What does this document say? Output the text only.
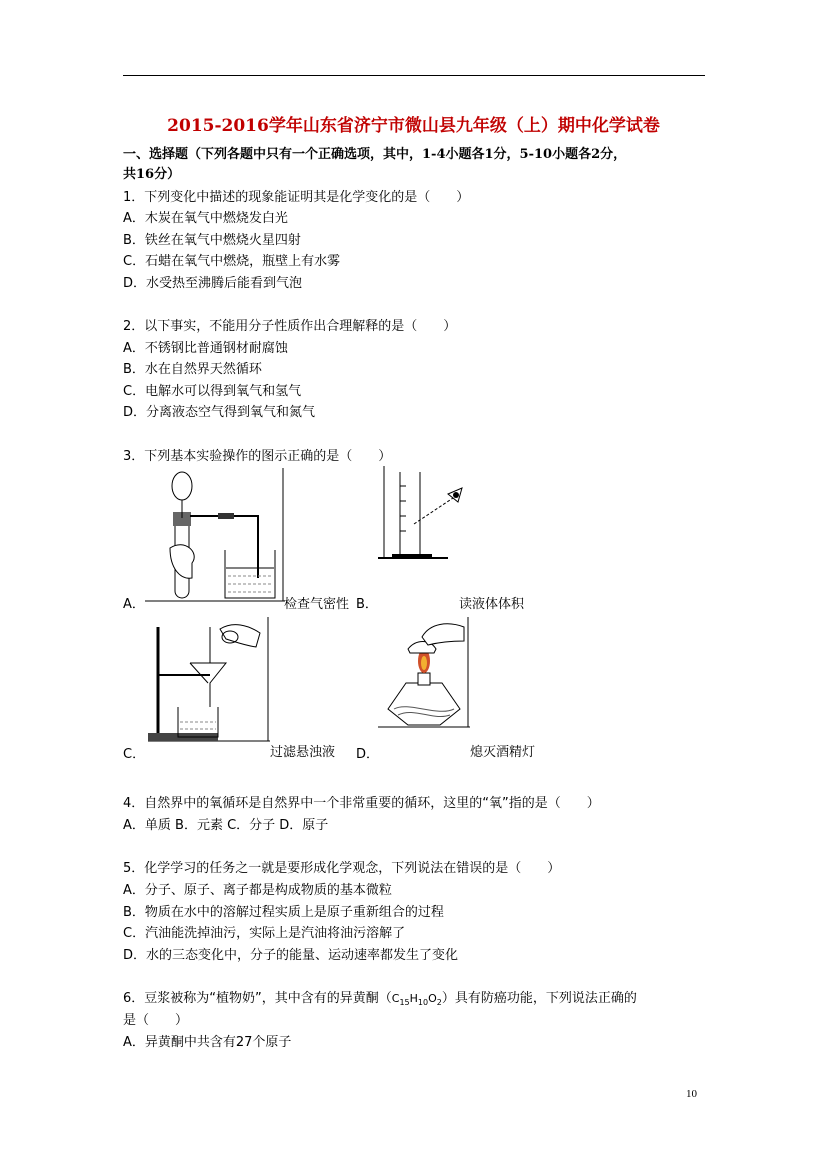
2015-2016学年山东省济宁市微山县九年级（上）期中化学试卷
一、选择题（下列各题中只有一个正确选项，其中，1-4小题各1分，5-10小题各2分，
共16分）
1．下列变化中描述的现象能证明其是化学变化的是（　　）
A．木炭在氧气中燃烧发白光
B．铁丝在氧气中燃烧火星四射
C．石蜡在氧气中燃烧，瓶壁上有水雾
D．水受热至沸腾后能看到气泡
2．以下事实，不能用分子性质作出合理解释的是（　　）
A．不锈钢比普通钢材耐腐蚀
B．水在自然界天然循环
C．电解水可以得到氧气和氢气
D．分离液态空气得到氧气和氮气
3．下列基本实验操作的图示正确的是（　　）
A．	检查气密性 B．	读液体体积
C．	过滤悬浊液 D．	熄灭酒精灯
4．自然界中的氧循环是自然界中一个非常重要的循环，这里的“氧”指的是（　　）
A．单质 B．元素 C．分子 D．原子
5．化学学习的任务之一就是要形成化学观念，下列说法在错误的是（　　）
A．分子、原子、离子都是构成物质的基本微粒
B．物质在水中的溶解过程实质上是原子重新组合的过程
C．汽油能洗掉油污，实际上是汽油将油污溶解了
D．水的三态变化中，分子的能量、运动速率都发生了变化
6．豆浆被称为“植物奶”，其中含有的异黄酮$(C_{15}H_{10}O_2)$具有防癌功能，下列说法正确的
是（　　）
A．异黄酮中共含有27个原子
10
